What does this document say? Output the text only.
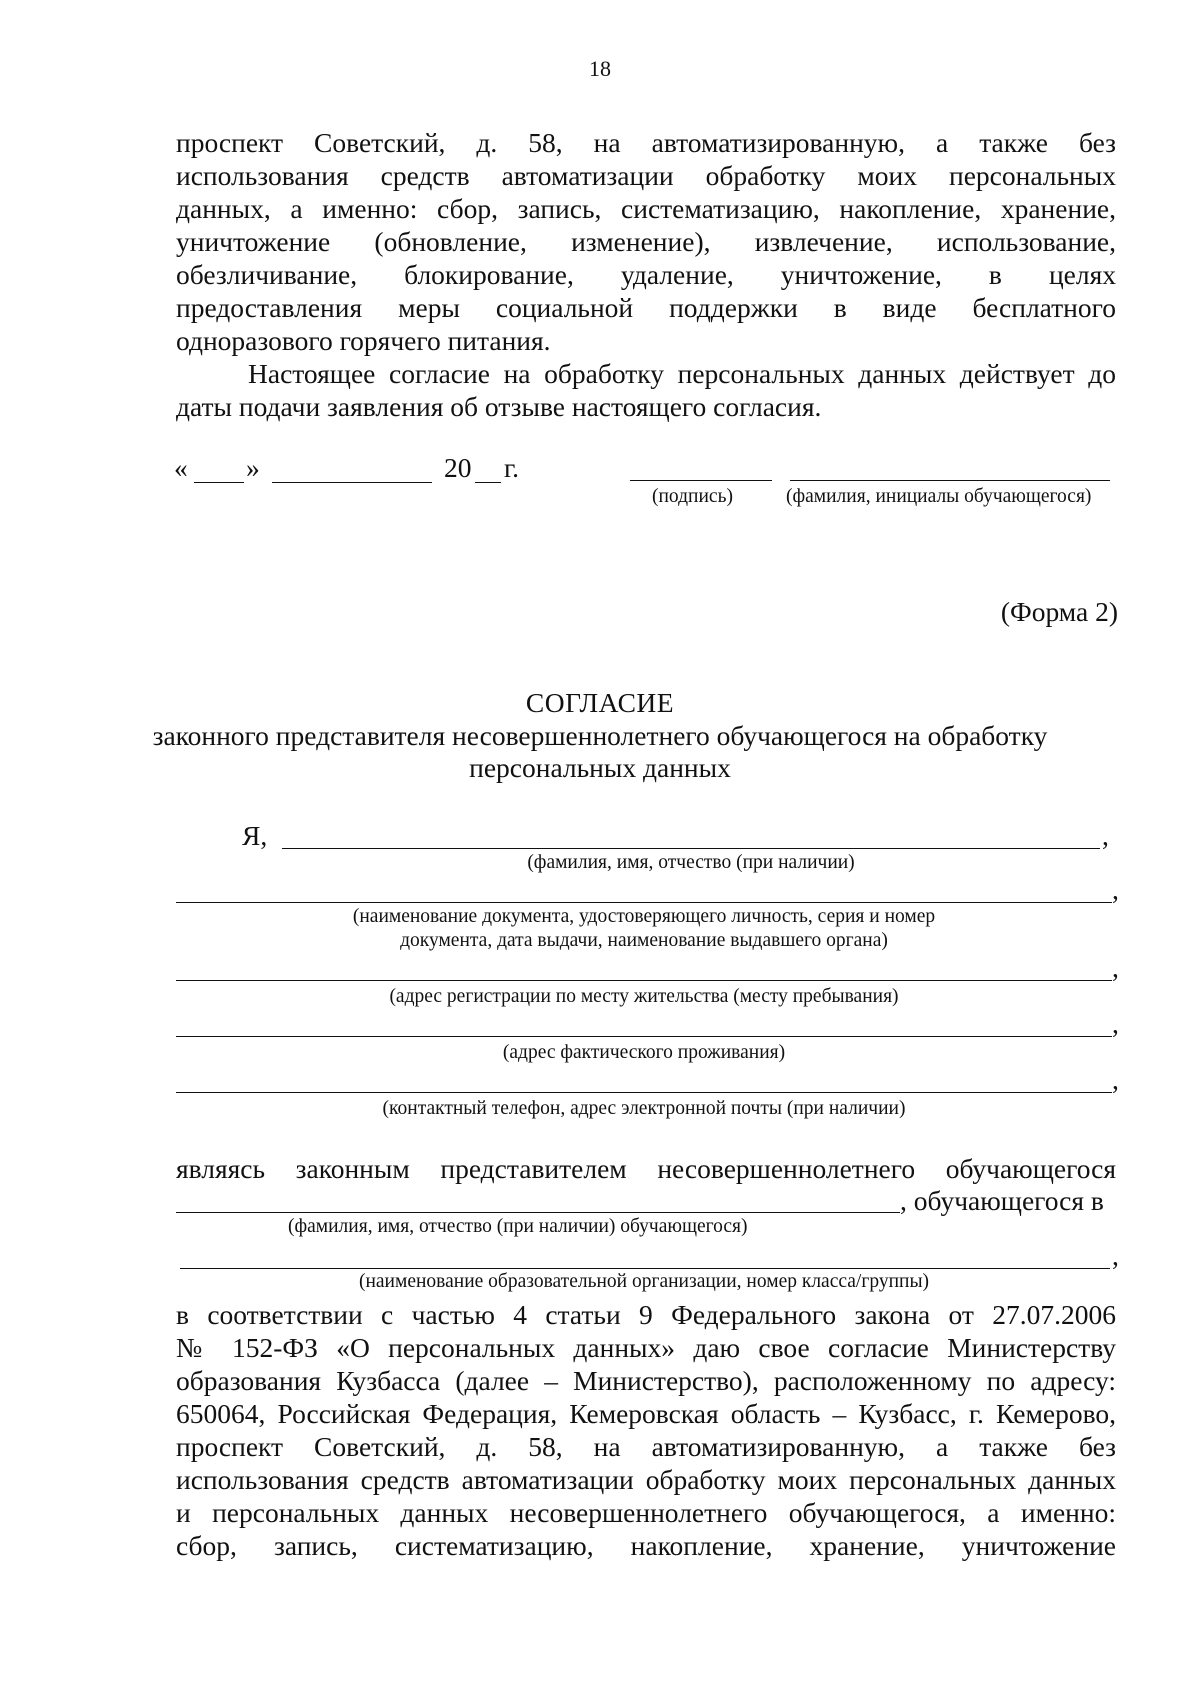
18
проспект Советский, д. 58, на автоматизированную, а также без
использования средств автоматизации обработку моих персональных
данных, а именно: сбор, запись, систематизацию, накопление, хранение,
уничтожение (обновление, изменение), извлечение, использование,
обезличивание, блокирование, удаление, уничтожение, в целях
предоставления меры социальной поддержки в виде бесплатного
одноразового горячего питания.
Настоящее согласие на обработку персональных данных действует до
даты подачи заявления об отзыве настоящего согласия.
« »	20 г.
(подпись)	(фамилия, инициалы обучающегося)
(Форма 2)
СОГЛАСИЕ
законного представителя несовершеннолетнего обучающегося на обработку
персональных данных
Я,	,
(фамилия, имя, отчество (при наличии)
,
(наименование документа, удостоверяющего личность, серия и номер
документа, дата выдачи, наименование выдавшего органа)
,
(адрес регистрации по месту жительства (месту пребывания)
,
(адрес фактического проживания)
,
(контактный телефон, адрес электронной почты (при наличии)
являясь законным представителем несовершеннолетнего обучающегося
, обучающегося в
(фамилия, имя, отчество (при наличии) обучающегося)
,
(наименование образовательной организации, номер класса/группы)
в соответствии с частью 4 статьи 9 Федерального закона от 27.07.2006
№ 152-ФЗ «О персональных данных» даю свое согласие Министерству
образования Кузбасса (далее – Министерство), расположенному по адресу:
650064, Российская Федерация, Кемеровская область – Кузбасс, г. Кемерово,
проспект Советский, д. 58, на автоматизированную, а также без
использования средств автоматизации обработку моих персональных данных
и персональных данных несовершеннолетнего обучающегося, а именно:
сбор, запись, систематизацию, накопление, хранение, уничтожение
